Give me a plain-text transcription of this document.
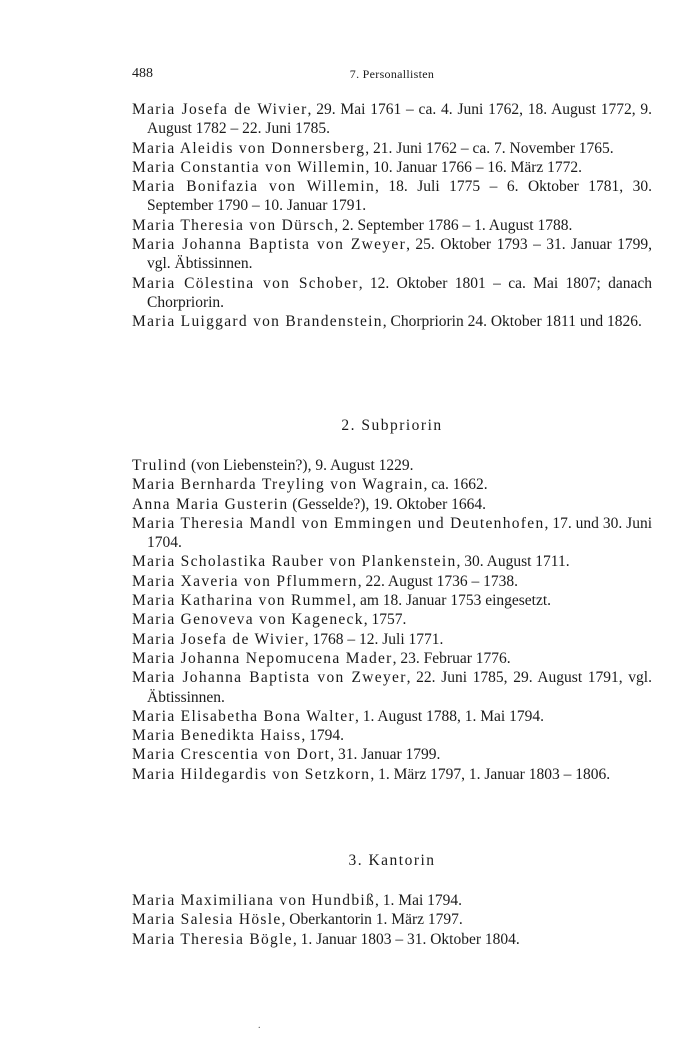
488	7. Personallisten
Maria Josefa de Wivier, 29. Mai 1761 – ca. 4. Juni 1762, 18. August 1772, 9. August 1782 – 22. Juni 1785.
Maria Aleidis von Donnersberg, 21. Juni 1762 – ca. 7. November 1765.
Maria Constantia von Willemin, 10. Januar 1766 – 16. März 1772.
Maria Bonifazia von Willemin, 18. Juli 1775 – 6. Oktober 1781, 30. September 1790 – 10. Januar 1791.
Maria Theresia von Dürsch, 2. September 1786 – 1. August 1788.
Maria Johanna Baptista von Zweyer, 25. Oktober 1793 – 31. Januar 1799, vgl. Äbtissinnen.
Maria Cölestina von Schober, 12. Oktober 1801 – ca. Mai 1807; danach Chorpriorin.
Maria Luiggard von Brandenstein, Chorpriorin 24. Oktober 1811 und 1826.
2. Subpriorin
Trulind (von Liebenstein?), 9. August 1229.
Maria Bernharda Treyling von Wagrain, ca. 1662.
Anna Maria Gusterin (Gesselde?), 19. Oktober 1664.
Maria Theresia Mandl von Emmingen und Deutenhofen, 17. und 30. Juni 1704.
Maria Scholastika Rauber von Plankenstein, 30. August 1711.
Maria Xaveria von Pflummern, 22. August 1736 – 1738.
Maria Katharina von Rummel, am 18. Januar 1753 eingesetzt.
Maria Genoveva von Kageneck, 1757.
Maria Josefa de Wivier, 1768 – 12. Juli 1771.
Maria Johanna Nepomucena Mader, 23. Februar 1776.
Maria Johanna Baptista von Zweyer, 22. Juni 1785, 29. August 1791, vgl. Äbtissinnen.
Maria Elisabetha Bona Walter, 1. August 1788, 1. Mai 1794.
Maria Benedikta Haiss, 1794.
Maria Crescentia von Dort, 31. Januar 1799.
Maria Hildegardis von Setzkorn, 1. März 1797, 1. Januar 1803 – 1806.
3. Kantorin
Maria Maximiliana von Hundbiß, 1. Mai 1794.
Maria Salesia Hösle, Oberkantorin 1. März 1797.
Maria Theresia Bögle, 1. Januar 1803 – 31. Oktober 1804.
.
